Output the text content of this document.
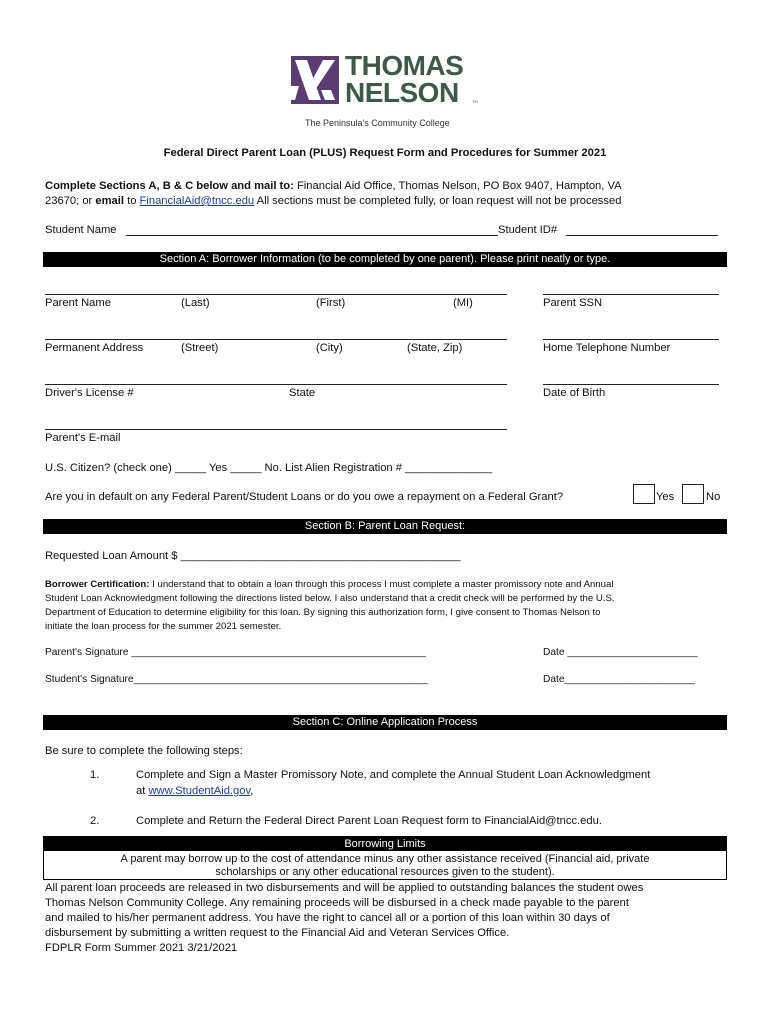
THOMAS
NELSON	TM
The Peninsula's Community College
Federal Direct Parent Loan (PLUS) Request Form and Procedures for Summer 2021
Complete Sections A, B & C below and mail to: Financial Aid Office, Thomas Nelson, PO Box 9407, Hampton, VA
23670; or email to FinancialAid@tncc.edu All sections must be completed fully, or loan request will not be processed
Student Name	Student ID#
Section A: Borrower Information (to be completed by one parent). Please print neatly or type.
Parent Name	(Last)	(First)	(MI)	Parent SSN
Permanent Address	(Street)	(City)	(State, Zip)	Home Telephone Number
Driver's License #	State	Date of Birth
Parent's E-mail
U.S. Citizen? (check one) _____ Yes _____ No. List Alien Registration # ______________
Are you in default on any Federal Parent/Student Loans or do you owe a repayment on a Federal Grant?	Yes	No
Section B: Parent Loan Request:
Requested Loan Amount $ _____________________________________________
Borrower Certification: I understand that to obtain a loan through this process I must complete a master promissory note and Annual
Student Loan Acknowledgment following the directions listed below. I also understand that a credit check will be performed by the U.S.
Department of Education to determine eligibility for this loan. By signing this authorization form, I give consent to Thomas Nelson to
initiate the loan process for the summer 2021 semester.
Parent's Signature ____________________________________________________	Date _______________________
Student's Signature____________________________________________________	Date_______________________
Section C: Online Application Process
Be sure to complete the following steps:
1.	Complete and Sign a Master Promissory Note, and complete the Annual Student Loan Acknowledgment
at www.StudentAid.gov,
2.	Complete and Return the Federal Direct Parent Loan Request form to FinancialAid@tncc.edu.
Borrowing Limits
A parent may borrow up to the cost of attendance minus any other assistance received (Financial aid, private
scholarships or any other educational resources given to the student).
All parent loan proceeds are released in two disbursements and will be applied to outstanding balances the student owes
Thomas Nelson Community College. Any remaining proceeds will be disbursed in a check made payable to the parent
and mailed to his/her permanent address. You have the right to cancel all or a portion of this loan within 30 days of
disbursement by submitting a written request to the Financial Aid and Veteran Services Office.
FDPLR Form Summer 2021 3/21/2021
